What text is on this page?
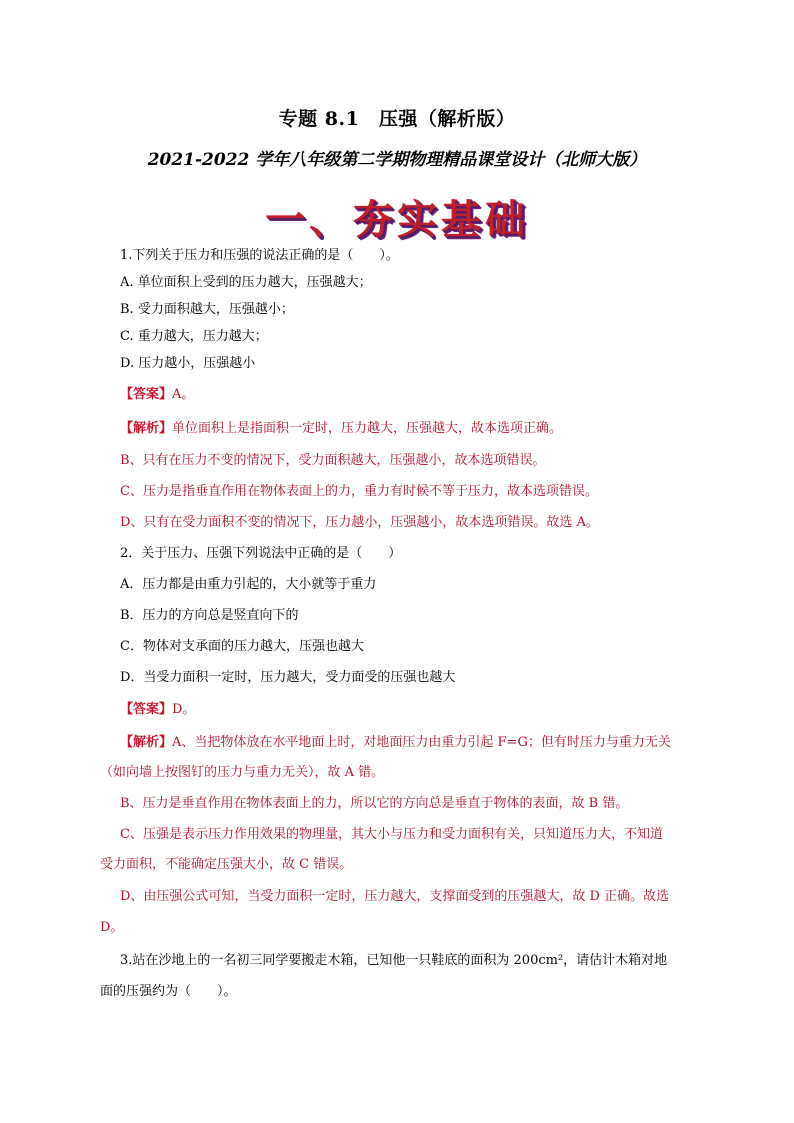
专题 8.1　压强（解析版）
2021-2022 学年八年级第二学期物理精品课堂设计（北师大版）
一、夯实基础
1.下列关于压力和压强的说法正确的是（　　）。
A. 单位面积上受到的压力越大，压强越大；
B. 受力面积越大，压强越小；
C. 重力越大，压力越大；
D. 压力越小，压强越小
【答案】A。
【解析】单位面积上是指面积一定时，压力越大，压强越大，故本选项正确。
B、只有在压力不变的情况下，受力面积越大，压强越小，故本选项错误。
C、压力是指垂直作用在物体表面上的力，重力有时候不等于压力，故本选项错误。
D、只有在受力面积不变的情况下，压力越小，压强越小，故本选项错误。故选 A。
2．关于压力、压强下列说法中正确的是（　　）
A．压力都是由重力引起的，大小就等于重力
B．压力的方向总是竖直向下的
C．物体对支承面的压力越大，压强也越大
D．当受力面积一定时，压力越大，受力面受的压强也越大
【答案】D。
【解析】A、当把物体放在水平地面上时，对地面压力由重力引起 F=G；但有时压力与重力无关
（如向墙上按图钉的压力与重力无关），故 A 错。
B、压力是垂直作用在物体表面上的力，所以它的方向总是垂直于物体的表面，故 B 错。
C、压强是表示压力作用效果的物理量，其大小与压力和受力面积有关，只知道压力大，不知道
受力面积，不能确定压强大小，故 C 错误。
D、由压强公式可知，当受力面积一定时，压力越大，支撑面受到的压强越大，故 D 正确。故选
D。
3.站在沙地上的一名初三同学要搬走木箱，已知他一只鞋底的面积为 200cm²，请估计木箱对地
面的压强约为（　　）。
